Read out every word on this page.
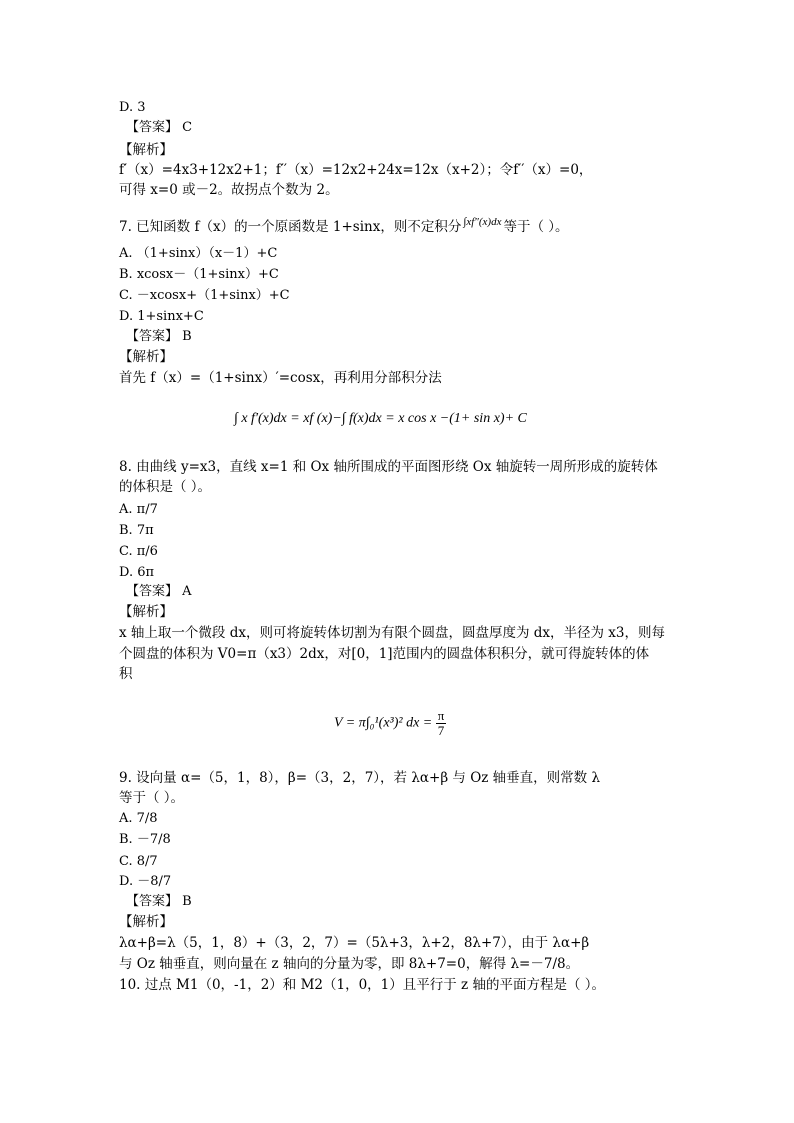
D. 3
【答案】 C
【解析】
f′（x）=4x3+12x2+1；f′′（x）=12x2+24x=12x（x+2）；令f′′（x）=0，
可得 x=0 或－2。故拐点个数为 2。
7. 已知函数 f（x）的一个原函数是 1+sinx，则不定积分 $^{\int xf''(x)dx}$ 等于（ ）。
A. （1+sinx）（x－1）+C
B. xcosx－（1+sinx）+C
C. －xcosx+（1+sinx）+C
D. 1+sinx+C
【答案】 B
【解析】
首先 f（x）=（1+sinx）′=cosx，再利用分部积分法
∫ x f′(x)dx = xf (x)−∫ f(x)dx = x cos x −(1+ sin x)+ C
8. 由曲线 y=x3，直线 x=1 和 Ox 轴所围成的平面图形绕 Ox 轴旋转一周所形成的旋转体
的体积是（ ）。
A. π/7
B. 7π
C. π/6
D. 6π
【答案】 A
【解析】
x 轴上取一个微段 dx，则可将旋转体切割为有限个圆盘，圆盘厚度为 dx，半径为 x3，则每
个圆盘的体积为 V0=π（x3）2dx，对[0，1]范围内的圆盘体积积分，就可得旋转体的体
积
V = π∫₀¹(x³)² dx = $\frac{\pi}{7}$
9. 设向量 α=（5，1，8），β=（3，2，7），若 λα+β 与 Oz 轴垂直，则常数 λ
等于（ ）。
A. 7/8
B. －7/8
C. 8/7
D. －8/7
【答案】 B
【解析】
λα+β=λ（5，1，8）+（3，2，7）=（5λ+3，λ+2，8λ+7），由于 λα+β
与 Oz 轴垂直，则向量在 z 轴向的分量为零，即 8λ+7=0，解得 λ=－7/8。
10. 过点 M1（0，-1，2）和 M2（1，0，1）且平行于 z 轴的平面方程是（ ）。
